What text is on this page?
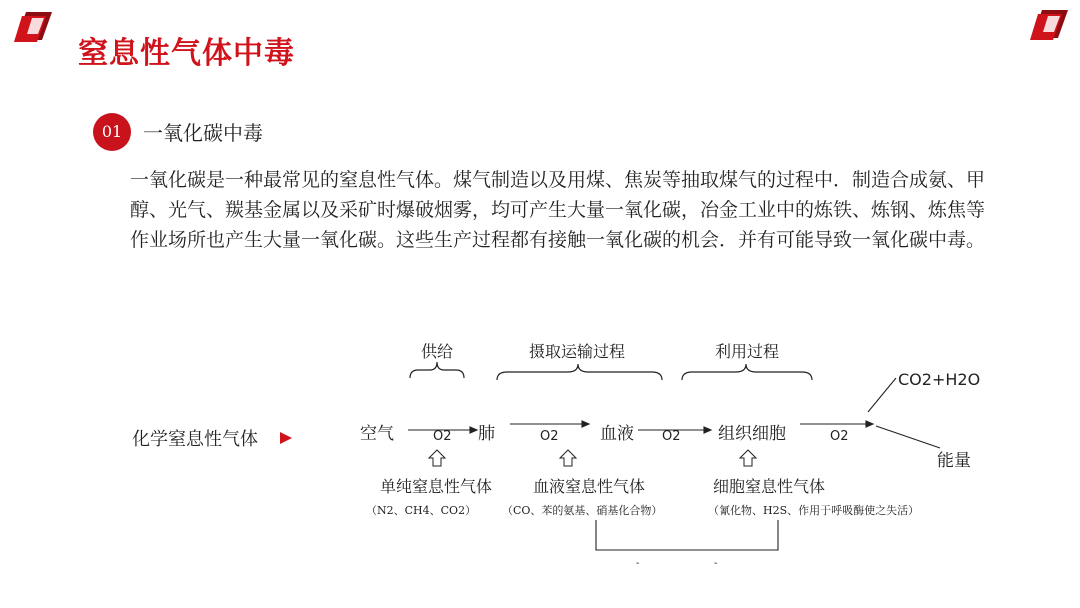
窒息性气体中毒
01	一氧化碳中毒
一氧化碳是一种最常见的窒息性气体。煤气制造以及用煤、焦炭等抽取煤气的过程中．制造合成氨、甲醇、光气、羰基金属以及采矿时爆破烟雾，均可产生大量一氧化碳，冶金工业中的炼铁、炼钢、炼焦等作业场所也产生大量一氧化碳。这些生产过程都有接触一氧化碳的机会．并有可能导致一氧化碳中毒。
化学窒息性气体
供给	摄取运输过程	利用过程
空气	肺	血液	组织细胞
CO2+H2O
能量
O2	O2	O2	O2
单纯窒息性气体	血液窒息性气体	细胞窒息性气体
（N2、CH4、CO2） （CO、苯的氨基、硝基化合物）	（氰化物、H2S、作用于呼吸酶使之失活）
-	-
